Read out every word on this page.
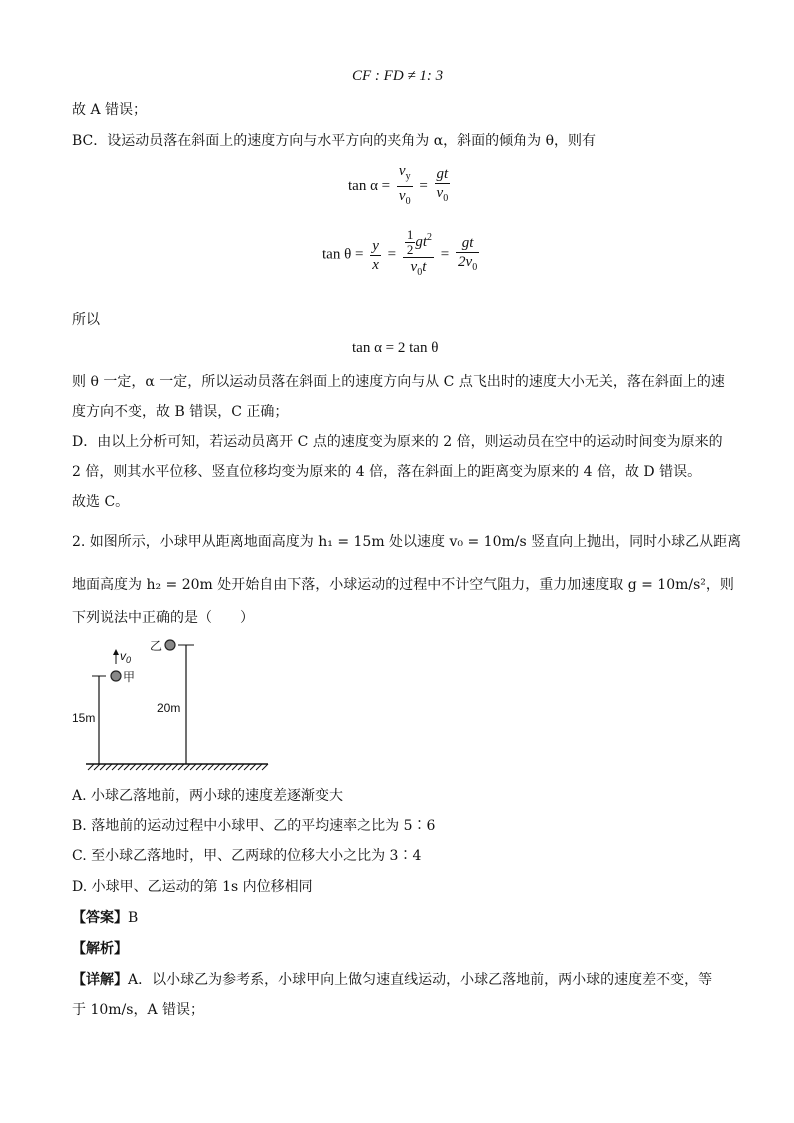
CF : FD ≠ 1: 3
故 A 错误；
BC．设运动员落在斜面上的速度方向与水平方向的夹角为 α，斜面的倾角为 θ，则有
$\tan \alpha = \frac{v_y}{v_0} = \frac{gt}{v_0}$
$\tan \theta = \frac{y}{x} = \frac{\frac{1}{2} gt^2}{v_0t} = \frac{gt}{2v_0}$
所以
tan α = 2 tan θ
则 θ 一定，α 一定，所以运动员落在斜面上的速度方向与从 C 点飞出时的速度大小无关，落在斜面上的速
度方向不变，故 B 错误，C 正确；
D．由以上分析可知，若运动员离开 C 点的速度变为原来的 2 倍，则运动员在空中的运动时间变为原来的
2 倍，则其水平位移、竖直位移均变为原来的 4 倍，落在斜面上的距离变为原来的 4 倍，故 D 错误。
故选 C。
2. 如图所示，小球甲从距离地面高度为 h₁ = 15m 处以速度 v₀ = 10m/s 竖直向上抛出，同时小球乙从距离
地面高度为 h₂ = 20m 处开始自由下落，小球运动的过程中不计空气阻力，重力加速度取 g = 10m/s²，则
下列说法中正确的是（　　）
15m
20m
甲
$v_0$
乙
A. 小球乙落地前，两小球的速度差逐渐变大
B. 落地前的运动过程中小球甲、乙的平均速率之比为 5∶6
C. 至小球乙落地时，甲、乙两球的位移大小之比为 3∶4
D. 小球甲、乙运动的第 1s 内位移相同
【答案】B
【解析】
【详解】A．以小球乙为参考系，小球甲向上做匀速直线运动，小球乙落地前，两小球的速度差不变，等
于 10m/s，A 错误；
